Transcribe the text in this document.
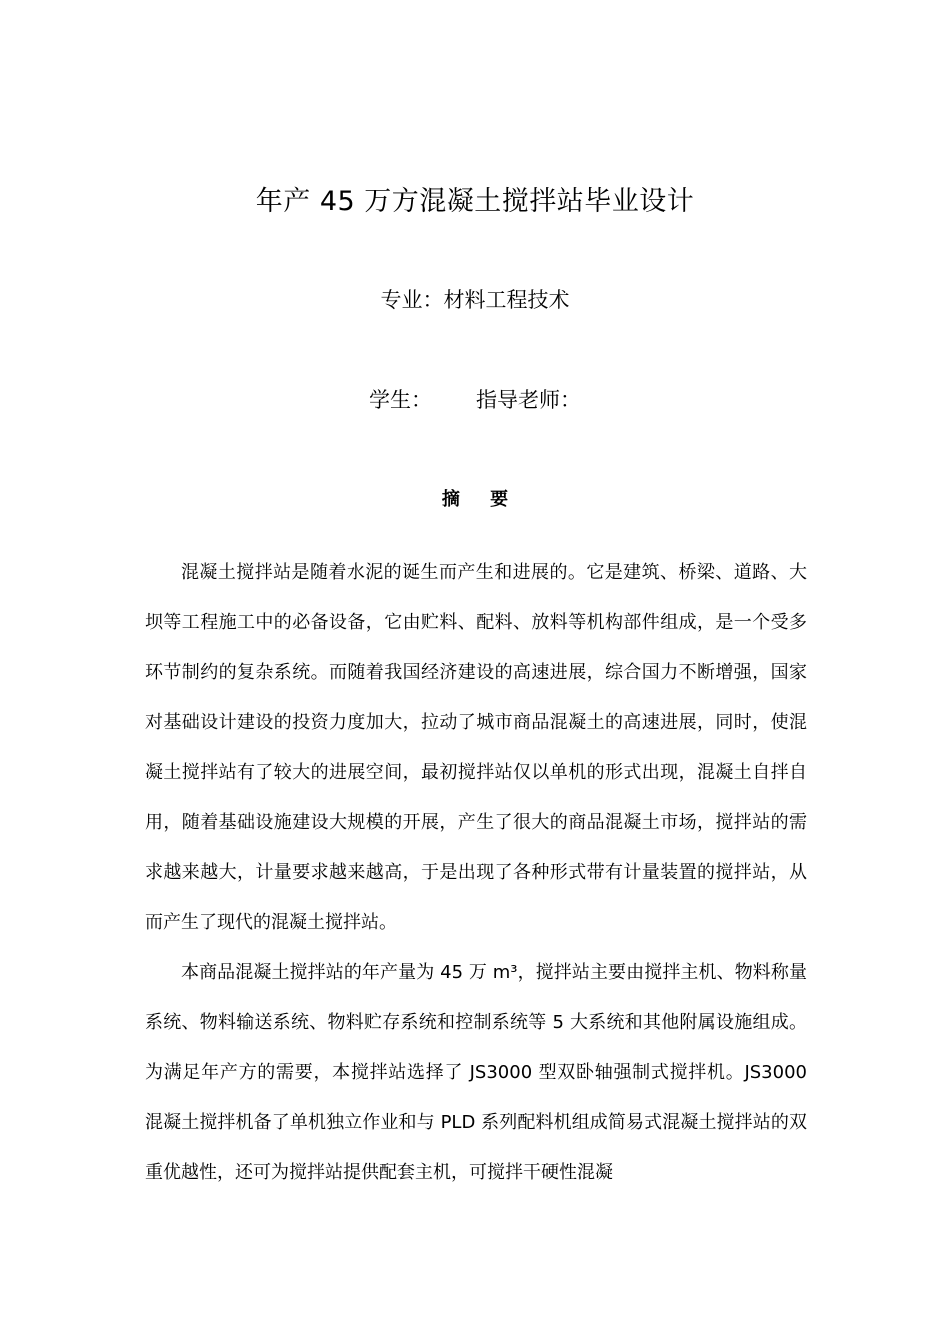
年产 45 万方混凝土搅拌站毕业设计
专业：材料工程技术
学生： 指导老师：
摘 要

混凝土搅拌站是随着水泥的诞生而产生和进展的。它是建筑、桥梁、道路、大坝等工程施工中的必备设备，它由贮料、配料、放料等机构部件组成，是一个受多环节制约的复杂系统。而随着我国经济建设的高速进展，综合国力不断增强，国家对基础设计建设的投资力度加大，拉动了城市商品混凝土的高速进展，同时，使混凝土搅拌站有了较大的进展空间，最初搅拌站仅以单机的形式出现，混凝土自拌自用，随着基础设施建设大规模的开展，产生了很大的商品混凝土市场，搅拌站的需求越来越大，计量要求越来越高，于是出现了各种形式带有计量装置的搅拌站，从而产生了现代的混凝土搅拌站。

本商品混凝土搅拌站的年产量为 45 万 m³，搅拌站主要由搅拌主机、物料称量系统、物料输送系统、物料贮存系统和控制系统等 5 大系统和其他附属设施组成。为满足年产方的需要，本搅拌站选择了 JS3000 型双卧轴强制式搅拌机。JS3000 混凝土搅拌机备了单机独立作业和与 PLD 系列配料机组成简易式混凝土搅拌站的双重优越性，还可为搅拌站提供配套主机，可搅拌干硬性混凝
